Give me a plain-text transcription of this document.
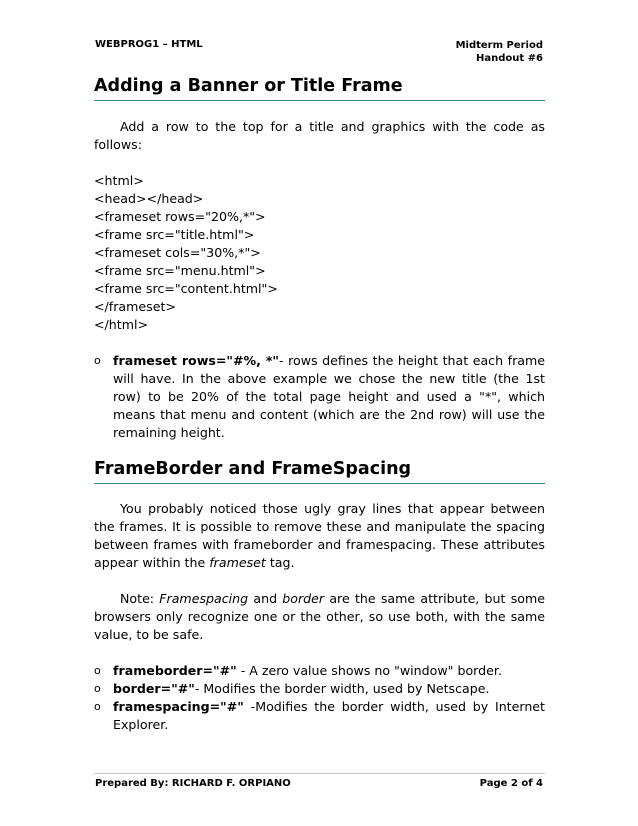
WEBPROG1 – HTML	Midterm Period
Handout #6
Adding a Banner or Title Frame

Add a row to the top for a title and graphics with the code as follows:

<html>
<head></head>
<frameset rows="20%,*">
<frame src="title.html">
<frameset cols="30%,*">
<frame src="menu.html">
<frame src="content.html">
</frameset>
</html>
o frameset rows="#%, *"- rows defines the height that each frame will have. In the above example we chose the new title (the 1st row) to be 20% of the total page height and used a "*", which means that menu and content (which are the 2nd row) will use the remaining height.
FrameBorder and FrameSpacing

You probably noticed those ugly gray lines that appear between the frames. It is possible to remove these and manipulate the spacing between frames with frameborder and framespacing. These attributes appear within the frameset tag.

Note: Framespacing and border are the same attribute, but some browsers only recognize one or the other, so use both, with the same value, to be safe.

o frameborder="#" - A zero value shows no "window" border.
o border="#"- Modifies the border width, used by Netscape.
o framespacing="#" -Modifies the border width, used by Internet Explorer.
Prepared By: RICHARD F. ORPIANO	Page 2 of 4
